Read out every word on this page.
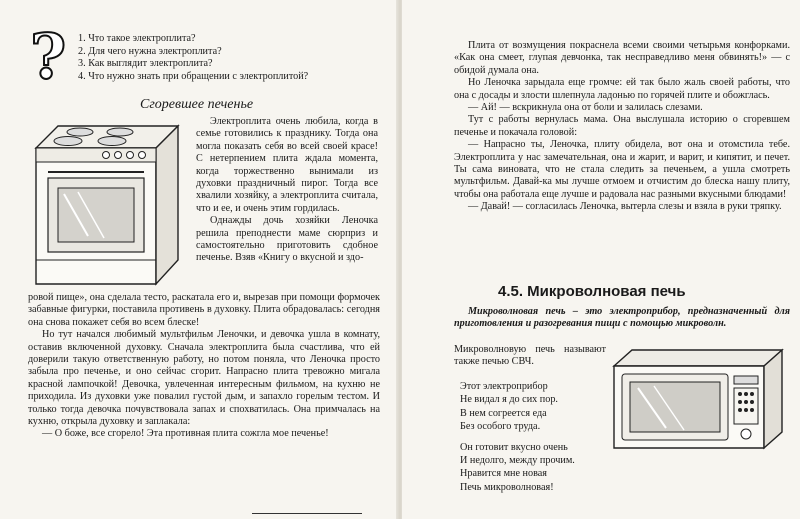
?	1. Что такое электроплита?
2. Для чего нужна электроплита?
3. Как выглядит электроплита?
4. Что нужно знать при обращении с электроплитой?
Сгоревшее печенье

Электроплита очень любила, когда в семье готовились к празднику. Тогда она могла показать себя во всей своей красе! С нетерпением плита ждала момента, когда торжественно вынимали из духовки праздничный пирог. Тогда все хвалили хозяйку, а электроплита считала, что и ее, и очень этим гордилась.

Однажды дочь хозяйки Леночка решила преподнести маме сюрприз и самостоятельно приготовить сдобное печенье. Взяв «Книгу о вкусной и здо-

ровой пище», она сделала тесто, раскатала его и, вырезав при помощи формочек забавные фигурки, поставила противень в духовку. Плита обрадовалась: сегодня она снова покажет себя во всем блеске!

Но тут начался любимый мультфильм Леночки, и девочка ушла в комнату, оставив включенной духовку. Сначала электроплита была счастлива, что ей доверили такую ответственную работу, но потом поняла, что Леночка просто забыла про печенье, и оно сейчас сгорит. Напрасно плита тревожно мигала красной лампочкой! Девочка, увлеченная интересным фильмом, на кухню не приходила. Из духовки уже повалил густой дым, и запахло горелым тестом. И только тогда девочка почувствовала запах и спохватилась. Она примчалась на кухню, открыла духовку и заплакала:

— О боже, все сгорело! Эта противная плита сожгла мое печенье!

Плита от возмущения покраснела всеми своими четырьмя конфорками. «Как она смеет, глупая девчонка, так несправедливо меня обвинять!» — с обидой думала она.

Но Леночка зарыдала еще громче: ей так было жаль своей работы, что она с досады и злости шлепнула ладонью по горячей плите и обожглась.

— Ай! — вскрикнула она от боли и залилась слезами.

Тут с работы вернулась мама. Она выслушала историю о сгоревшем печенье и покачала головой:

— Напрасно ты, Леночка, плиту обидела, вот она и отомстила тебе. Электроплита у нас замечательная, она и жарит, и варит, и кипятит, и печет. Ты сама виновата, что не стала следить за печеньем, а ушла смотреть мультфильм. Давай-ка мы лучше отмоем и отчистим до блеска нашу плиту, чтобы она работала еще лучше и радовала нас разными вкусными блюдами!

— Давай! — согласилась Леночка, вытерла слезы и взяла в руки тряпку.

4.5. Микроволновая печь

Микроволновая печь – это электроприбор, предназначенный для приготовления и разогревания пищи с помощью микроволн.

Микроволновую печь называют также печью СВЧ.

Этот электроприбор
Не видал я до сих пор.
В нем согреется еда
Без особого труда.
Он готовит вкусно очень
И недолго, между прочим.
Нравится мне новая
Печь микроволновая!
